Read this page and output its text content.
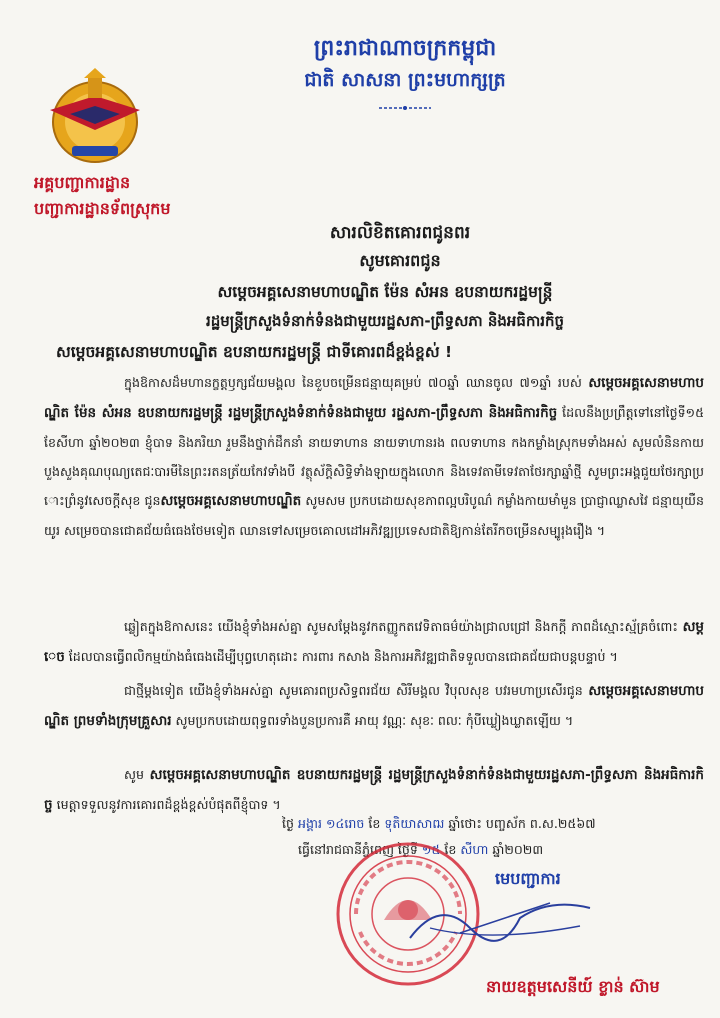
ព្រះរាជាណាចក្រកម្ពុជា
ជាតិ សាសនា ព្រះមហាក្សត្រ
អគ្គបញ្ជាការដ្ឋាន
បញ្ជាការដ្ឋានទ័ពស្រុកម
សារលិខិតគោរពជូនពរ
សូមគោរពជូន
សម្តេចអគ្គសេនាមហាបណ្ឌិត ម៉ែន សំអន ឧបនាយករដ្ឋមន្ត្រី
រដ្ឋមន្ត្រីក្រសួងទំនាក់ទំនងជាមួយរដ្ឋសភា-ព្រឹទ្ធសភា និងអធិការកិច្ច
សម្តេចអគ្គសេនាមហាបណ្ឌិត ឧបនាយករដ្ឋមន្ត្រី ជាទីគោរពដ៏ខ្ពង់ខ្ពស់ !
ក្នុងឱកាសដ៏មហានក្ខត្តឫក្សជ័យមង្គល នៃខួបចម្រើនជន្មាយុគម្រប់ ៧០ឆ្នាំ ឈានចូល ៧១ឆ្នាំ របស់ សម្តេចអគ្គសេនាមហាបណ្ឌិត ម៉ែន សំអន ឧបនាយករដ្ឋមន្ត្រី រដ្ឋមន្ត្រីក្រសួងទំនាក់ទំនងជាមួយ រដ្ឋសភា-ព្រឹទ្ធសភា និងអធិការកិច្ច ដែលនឹងប្រព្រឹត្តទៅនៅថ្ងៃទី១៥ ខែសីហា ឆ្នាំ២០២៣ ខ្ញុំបាទ និងភរិយា រួមនឹងថ្នាក់ដឹកនាំ នាយទាហាន នាយទាហានរង ពលទាហាន កងកម្លាំងស្រុកមទាំងអស់ សូមលំនិនកាយ បួងសួងគុណបុណ្យតេជៈបារមីនៃព្រះរតនត្រ័យកែវទាំងបី វត្ថុស័ក្តិសិទ្ធិទាំងឡាយក្នុងលោក និងទេវតាមីទេវតាថែរក្សាឆ្នាំថ្មី សូមព្រះអង្គជួយថែរក្សាប្រោះព្រំនូវសេចក្តីសុខ ជូនសម្តេចអគ្គសេនាមហាបណ្ឌិត សូមសម ប្រកបដោយសុខភាពល្អបរិបូណ៌ កម្លាំងកាយមាំមួន ប្រាជ្ញាឈ្លាសវៃ ជន្មាយុយឺនយូរ សម្រេចបានជោគជ័យធំធេងថែមទៀត ឈានទៅសម្រេចគោលដៅអភិវឌ្ឍប្រទេសជាតិឱ្យកាន់តែរីកចម្រើនសម្បូរុងរឿង ។
ឆ្លៀតក្នុងឱកាសនេះ យើងខ្ញុំទាំងអស់គ្នា សូមសម្តែងនូវកតញ្ញូកតវេទិតាធម៌យ៉ាងជ្រាលជ្រៅ និងកក្តី ភាពដ៏ស្មោះស្ម័គ្រចំពោះ សម្តេច ដែលបានធ្វើពលិកម្មយ៉ាងធំធេងដើម្បីបុព្វហេតុដោះ ការពារ កសាង និងការអភិវឌ្ឍជាតិទទួលបានជោគជ័យជាបន្តបន្ទាប់ ។
ជាថ្មីម្តងទៀត យើងខ្ញុំទាំងអស់គ្នា សូមគោរពប្រសិទ្ធពរជ័យ សិរីមង្គល វិបុលសុខ បវរមហាប្រសើរជូន សម្តេចអគ្គសេនាមហាបណ្ឌិត ព្រមទាំងក្រុមគ្រួសារ សូមប្រកបដោយពុទ្ធពរទាំងបួនប្រការគឺ អាយុ វណ្ណៈ សុខៈ ពលៈ កុំបីឃ្លៀងឃ្លាតឡើយ ។
សូម សម្តេចអគ្គសេនាមហាបណ្ឌិត ឧបនាយករដ្ឋមន្ត្រី រដ្ឋមន្ត្រីក្រសួងទំនាក់ទំនងជាមួយរដ្ឋសភា-ព្រឹទ្ធសភា និងអធិការកិច្ច មេត្តាទទួលនូវការគោរពដ៏ខ្ពង់ខ្ពស់បំផុតពីខ្ញុំបាទ ។
ថ្ងៃ អង្គារ ១៤រោច ខែ ទុតិយាសាឍ ឆ្នាំថោះ បញ្ចស័ក ព.ស.២៥៦៧
ធ្វើនៅរាជធានីភ្នំពេញ ថ្ងៃទី ១៥ ខែ សីហា ឆ្នាំ២០២៣
មេបញ្ជាការ
នាយឧត្តមសេនីយ៍ ខ្លាន់ ស៊ាម
